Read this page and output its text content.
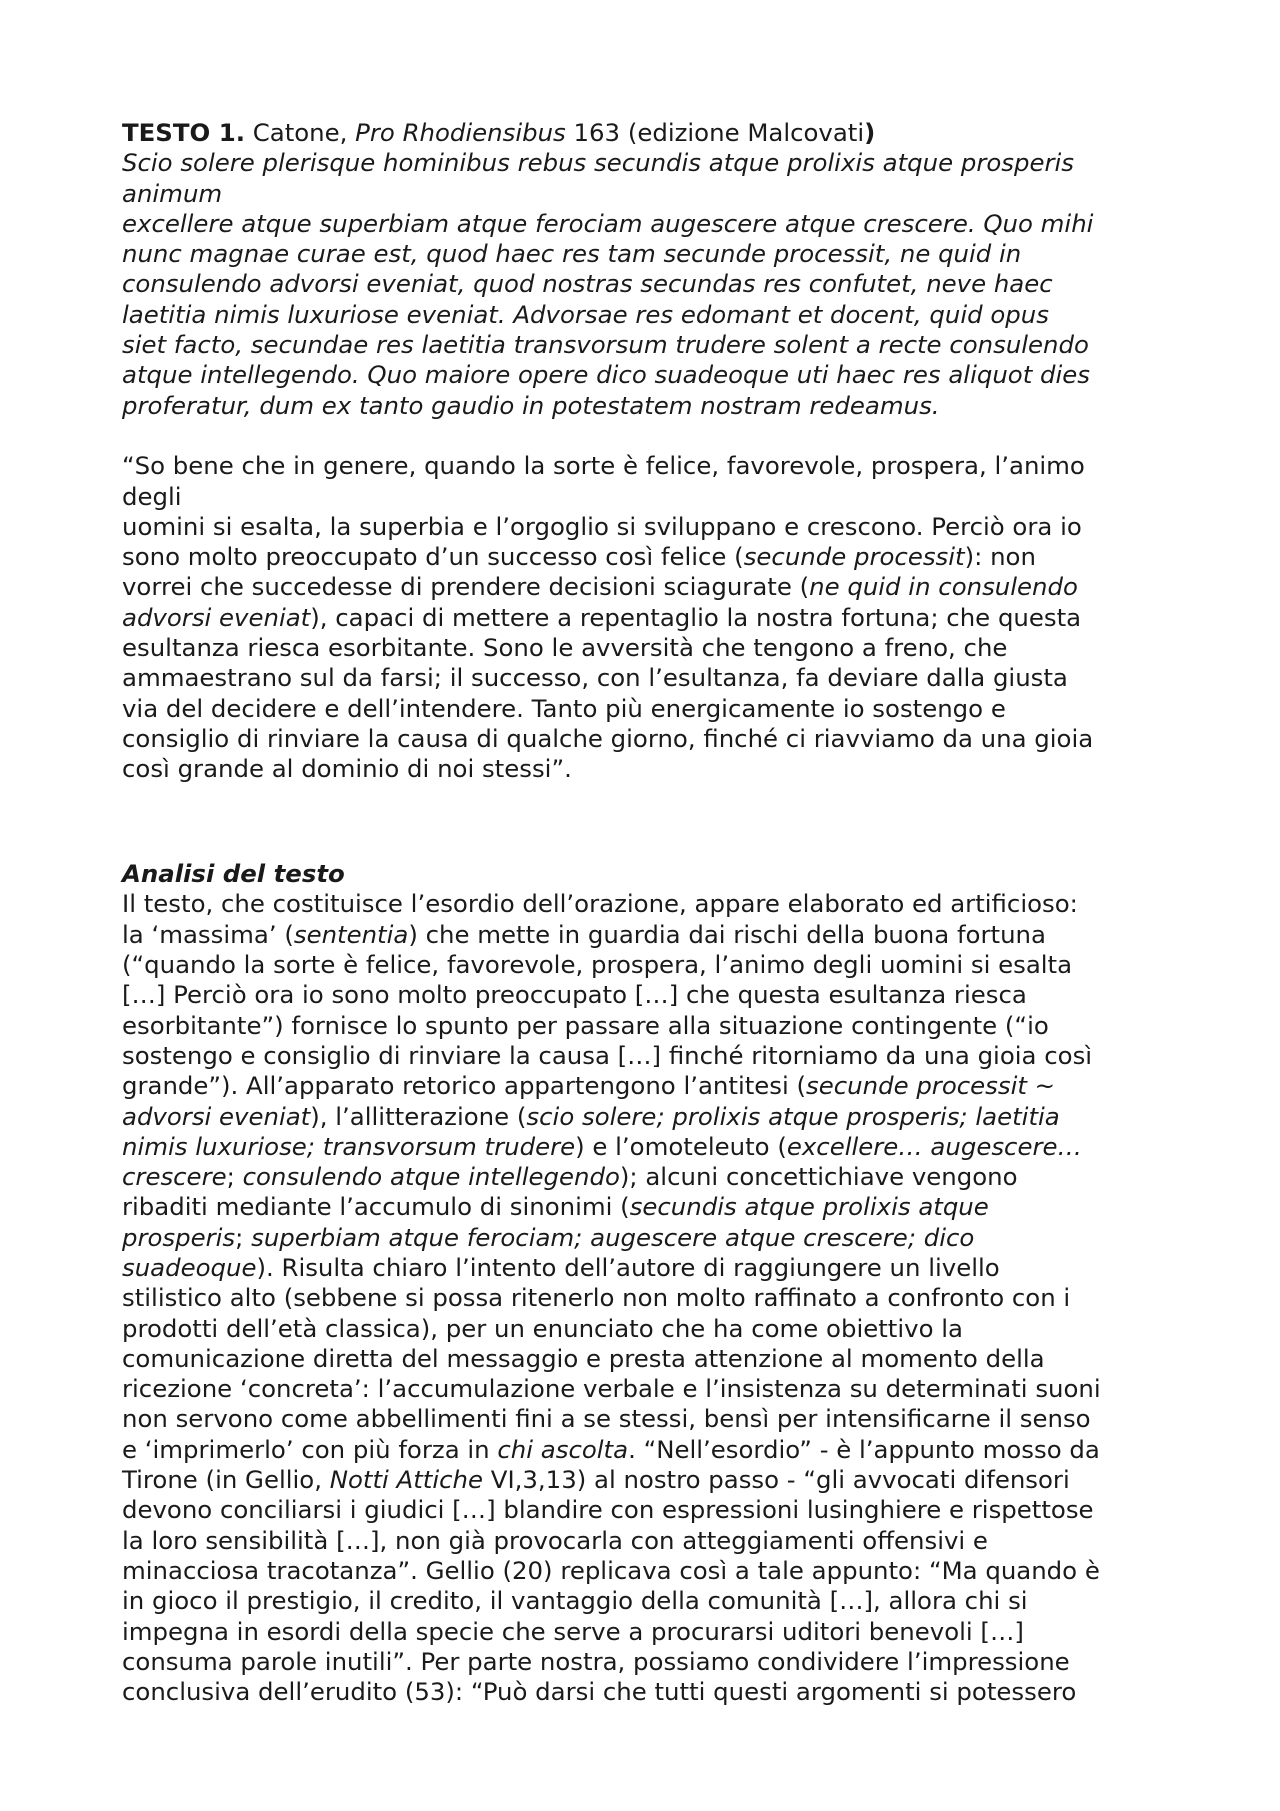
TESTO 1. Catone, Pro Rhodiensibus 163 (edizione Malcovati)
Scio solere plerisque hominibus rebus secundis atque prolixis atque prosperis
animum
excellere atque superbiam atque ferociam augescere atque crescere. Quo mihi
nunc magnae curae est, quod haec res tam secunde processit, ne quid in
consulendo advorsi eveniat, quod nostras secundas res confutet, neve haec
laetitia nimis luxuriose eveniat. Advorsae res edomant et docent, quid opus
siet facto, secundae res laetitia transvorsum trudere solent a recte consulendo
atque intellegendo. Quo maiore opere dico suadeoque uti haec res aliquot dies
proferatur, dum ex tanto gaudio in potestatem nostram redeamus.
“So bene che in genere, quando la sorte è felice, favorevole, prospera, l’animo
degli
uomini si esalta, la superbia e l’orgoglio si sviluppano e crescono. Perciò ora io
sono molto preoccupato d’un successo così felice (secunde processit): non
vorrei che succedesse di prendere decisioni sciagurate (ne quid in consulendo
advorsi eveniat), capaci di mettere a repentaglio la nostra fortuna; che questa
esultanza riesca esorbitante. Sono le avversità che tengono a freno, che
ammaestrano sul da farsi; il successo, con l’esultanza, fa deviare dalla giusta
via del decidere e dell’intendere. Tanto più energicamente io sostengo e
consiglio di rinviare la causa di qualche giorno, finché ci riavviamo da una gioia
così grande al dominio di noi stessi”.
Analisi del testo
Il testo, che costituisce l’esordio dell’orazione, appare elaborato ed artificioso:
la ‘massima’ (sententia) che mette in guardia dai rischi della buona fortuna
(“quando la sorte è felice, favorevole, prospera, l’animo degli uomini si esalta
[…] Perciò ora io sono molto preoccupato […] che questa esultanza riesca
esorbitante”) fornisce lo spunto per passare alla situazione contingente (“io
sostengo e consiglio di rinviare la causa […] finché ritorniamo da una gioia così
grande”). All’apparato retorico appartengono l’antitesi (secunde processit ~
advorsi eveniat), l’allitterazione (scio solere; prolixis atque prosperis; laetitia
nimis luxuriose; transvorsum trudere) e l’omoteleuto (excellere… augescere…
crescere; consulendo atque intellegendo); alcuni concettichiave vengono
ribaditi mediante l’accumulo di sinonimi (secundis atque prolixis atque
prosperis; superbiam atque ferociam; augescere atque crescere; dico
suadeoque). Risulta chiaro l’intento dell’autore di raggiungere un livello
stilistico alto (sebbene si possa ritenerlo non molto raffinato a confronto con i
prodotti dell’età classica), per un enunciato che ha come obiettivo la
comunicazione diretta del messaggio e presta attenzione al momento della
ricezione ‘concreta’: l’accumulazione verbale e l’insistenza su determinati suoni
non servono come abbellimenti fini a se stessi, bensì per intensificarne il senso
e ‘imprimerlo’ con più forza in chi ascolta. “Nell’esordio” - è l’appunto mosso da
Tirone (in Gellio, Notti Attiche VI,3,13) al nostro passo - “gli avvocati difensori
devono conciliarsi i giudici […] blandire con espressioni lusinghiere e rispettose
la loro sensibilità […], non già provocarla con atteggiamenti offensivi e
minacciosa tracotanza”. Gellio (20) replicava così a tale appunto: “Ma quando è
in gioco il prestigio, il credito, il vantaggio della comunità […], allora chi si
impegna in esordi della specie che serve a procurarsi uditori benevoli […]
consuma parole inutili”. Per parte nostra, possiamo condividere l’impressione
conclusiva dell’erudito (53): “Può darsi che tutti questi argomenti si potessero
